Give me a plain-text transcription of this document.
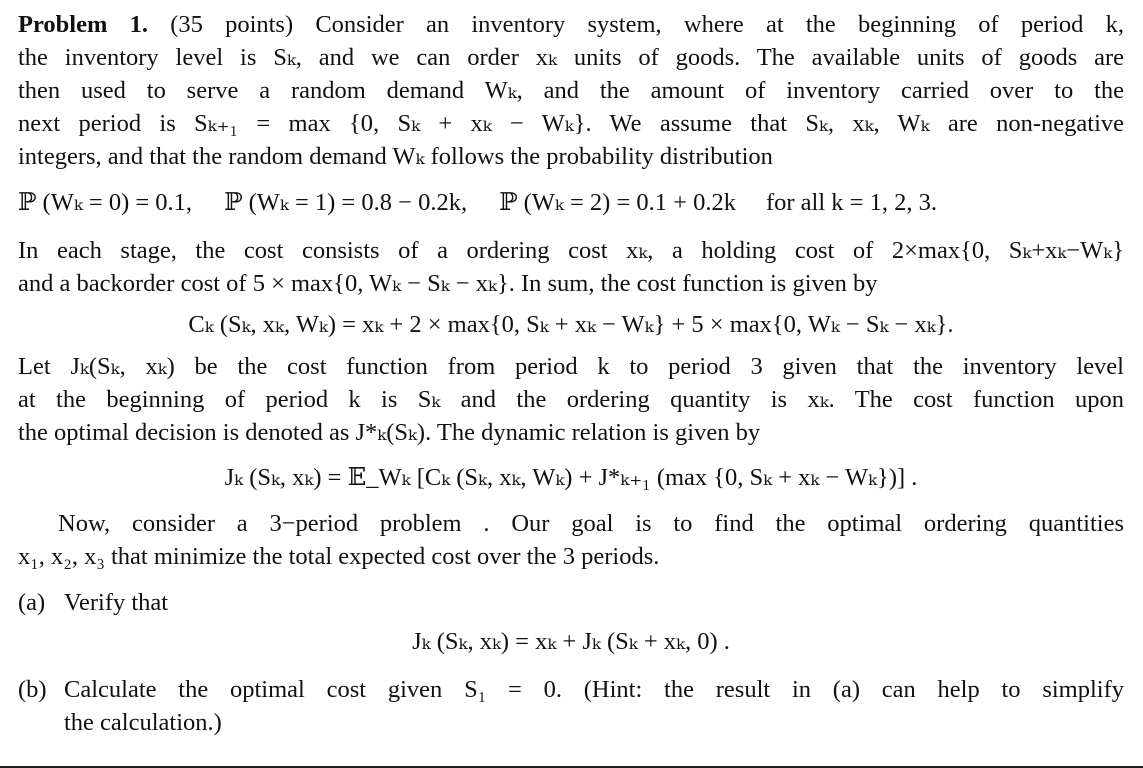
Problem 1. (35 points) Consider an inventory system, where at the beginning of period k,
the inventory level is Sₖ, and we can order xₖ units of goods. The available units of goods are
then used to serve a random demand Wₖ, and the amount of inventory carried over to the
next period is Sₖ₊₁ = max {0, Sₖ + xₖ − Wₖ}. We assume that Sₖ, xₖ, Wₖ are non-negative
integers, and that the random demand Wₖ follows the probability distribution
ℙ (Wₖ = 0) = 0.1, ℙ (Wₖ = 1) = 0.8 − 0.2k, ℙ (Wₖ = 2) = 0.1 + 0.2k for all k = 1, 2, 3.
In each stage, the cost consists of a ordering cost xₖ, a holding cost of 2×max{0, Sₖ+xₖ−Wₖ}
and a backorder cost of 5 × max{0, Wₖ − Sₖ − xₖ}. In sum, the cost function is given by
Cₖ (Sₖ, xₖ, Wₖ) = xₖ + 2 × max{0, Sₖ + xₖ − Wₖ} + 5 × max{0, Wₖ − Sₖ − xₖ}.
Let Jₖ(Sₖ, xₖ) be the cost function from period k to period 3 given that the inventory level
at the beginning of period k is Sₖ and the ordering quantity is xₖ. The cost function upon
the optimal decision is denoted as J*ₖ(Sₖ). The dynamic relation is given by
Jₖ (Sₖ, xₖ) = 𝔼_Wₖ [Cₖ (Sₖ, xₖ, Wₖ) + J*ₖ₊₁ (max {0, Sₖ + xₖ − Wₖ})] .
Now, consider a 3−period problem . Our goal is to find the optimal ordering quantities
x₁, x₂, x₃ that minimize the total expected cost over the 3 periods.
(a) Verify that
Jₖ (Sₖ, xₖ) = xₖ + Jₖ (Sₖ + xₖ, 0) .
(b) Calculate the optimal cost given S₁ = 0. (Hint: the result in (a) can help to simplify
the calculation.)
